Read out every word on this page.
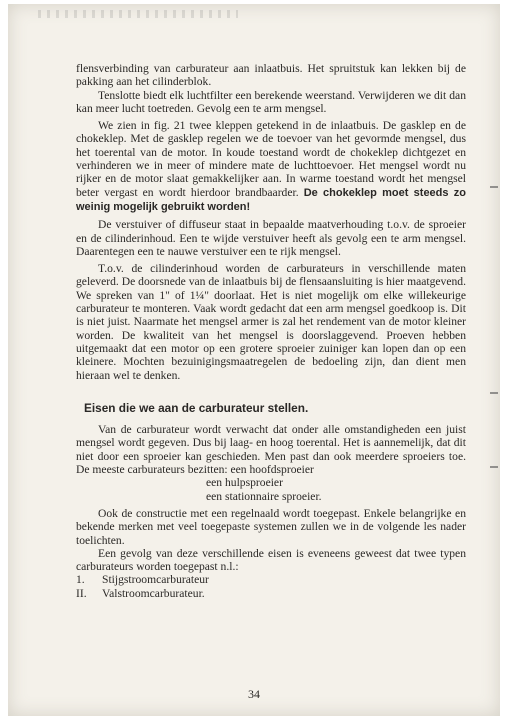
flensverbinding van carburateur aan inlaatbuis. Het spruitstuk kan lekken bij de pakking aan het cilinderblok.

Tenslotte biedt elk luchtfilter een berekende weerstand. Verwijderen we dit dan kan meer lucht toetreden. Gevolg een te arm mengsel.

We zien in fig. 21 twee kleppen getekend in de inlaatbuis. De gasklep en de chokeklep. Met de gasklep regelen we de toevoer van het gevormde mengsel, dus het toerental van de motor. In koude toestand wordt de chokeklep dichtgezet en verhinderen we in meer of mindere mate de luchttoevoer. Het mengsel wordt nu rijker en de motor slaat gemakkelijker aan. In warme toestand wordt het mengsel beter vergast en wordt hierdoor brandbaarder. De chokeklep moet steeds zo weinig mogelijk gebruikt worden!

De verstuiver of diffuseur staat in bepaalde maatverhouding t.o.v. de sproeier en de cilinderinhoud. Een te wijde verstuiver heeft als gevolg een te arm mengsel. Daarentegen een te nauwe verstuiver een te rijk mengsel.

T.o.v. de cilinderinhoud worden de carburateurs in verschillende maten geleverd. De doorsnede van de inlaatbuis bij de flensaansluiting is hier maatgevend. We spreken van 1" of 1¼" doorlaat. Het is niet mogelijk om elke willekeurige carburateur te monteren. Vaak wordt gedacht dat een arm mengsel goedkoop is. Dit is niet juist. Naarmate het mengsel armer is zal het rendement van de motor kleiner worden. De kwaliteit van het mengsel is doorslaggevend. Proeven hebben uitgemaakt dat een motor op een grotere sproeier zuiniger kan lopen dan op een kleinere. Mochten bezuinigingsmaatregelen de bedoeling zijn, dan dient men hieraan wel te denken.

Eisen die we aan de carburateur stellen.

Van de carburateur wordt verwacht dat onder alle omstandigheden een juist mengsel wordt gegeven. Dus bij laag- en hoog toerental. Het is aannemelijk, dat dit niet door een sproeier kan geschieden. Men past dan ook meerdere sproeiers toe. De meeste carburateurs bezitten: een hoofdsproeier

een hulpsproeier

een stationnaire sproeier.

Ook de constructie met een regelnaald wordt toegepast. Enkele belangrijke en bekende merken met veel toegepaste systemen zullen we in de volgende les nader toelichten.

Een gevolg van deze verschillende eisen is eveneens geweest dat twee typen carburateurs worden toegepast n.l.:

1.	Stijgstroomcarburateur
II.	Valstroomcarburateur.
34
